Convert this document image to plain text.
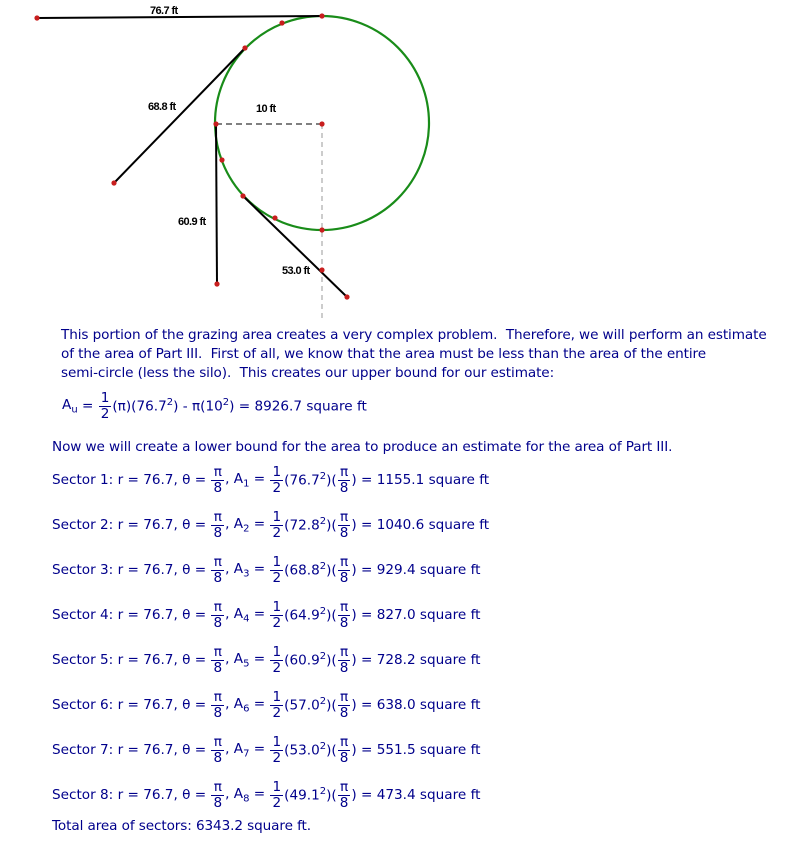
76.7 ft
68.8 ft	10 ft
60.9 ft
53.0 ft
This portion of the grazing area creates a very complex problem.  Therefore, we will perform an estimate
of the area of Part III.  First of all, we know that the area must be less than the area of the entire
semi-circle (less the silo).  This creates our upper bound for our estimate:
$A_u = \frac{1}{2} (\pi)(76.7^2) - \pi(10^2) = 8926.7$ square ft
Now we will create a lower bound for the area to produce an estimate for the area of Part III.
Sector 1: r = 76.7, $\theta = \frac{\pi}{8}$ , $A_1 = \frac{1}{2} (76.7^2)( \frac{\pi}{8}$ ) = 1155.1 square ft
Sector 2: r = 76.7, $\theta = \frac{\pi}{8}$ , $A_2 = \frac{1}{2} (72.8^2)( \frac{\pi}{8}$ ) = 1040.6 square ft
Sector 3: r = 76.7, $\theta = \frac{\pi}{8}$ , $A_3 = \frac{1}{2} (68.8^2)( \frac{\pi}{8}$ ) = 929.4 square ft
Sector 4: r = 76.7, $\theta = \frac{\pi}{8}$ , $A_4 = \frac{1}{2} (64.9^2)( \frac{\pi}{8}$ ) = 827.0 square ft
Sector 5: r = 76.7, $\theta = \frac{\pi}{8}$ , $A_5 = \frac{1}{2} (60.9^2)( \frac{\pi}{8}$ ) = 728.2 square ft
Sector 6: r = 76.7, $\theta = \frac{\pi}{8}$ , $A_6 = \frac{1}{2} (57.0^2)( \frac{\pi}{8}$ ) = 638.0 square ft
Sector 7: r = 76.7, $\theta = \frac{\pi}{8}$ , $A_7 = \frac{1}{2} (53.0^2)( \frac{\pi}{8}$ ) = 551.5 square ft
Sector 8: r = 76.7, $\theta = \frac{\pi}{8}$ , $A_8 = \frac{1}{2} (49.1^2)( \frac{\pi}{8}$ ) = 473.4 square ft
Total area of sectors: 6343.2 square ft.
